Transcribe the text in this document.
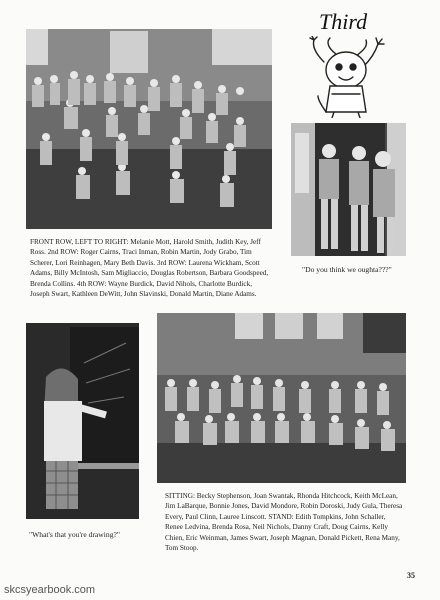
Third
FRONT ROW, LEFT TO RIGHT: Melanie Mott, Harold Smith, Judith Key, Jeff Ross. 2nd ROW: Roger Cairns, Traci Inman, Robin Martin, Jody Grabo, Tim Scherer, Lori Reinhagen, Mary Beth Davis. 3rd ROW: Laurena Wickham, Scott Adams, Billy McIntosh, Sam Migliaccio, Douglas Robertson, Barbara Goodspeed, Brenda Collins. 4th ROW: Wayne Burdick, David Nihols, Charlotte Burdick, Joseph Swart, Kathleen DeWitt, John Slavinski, Donald Martin, Diane Adams.
"Do you think we oughta???"
"What's that you're drawing?"
SITTING: Becky Stephenson, Joan Swantak, Rhonda Hitchcock, Keith McLean, Jim LaBarque, Bonnie Jones, David Mondore, Robin Doroski, Judy Gula, Theresa Every, Paul Clinn, Lauree Linscott. STAND: Edith Tompkins, John Schaller, Renee Ledvina, Brenda Rosa, Neil Nichols, Danny Craft, Doug Cairns, Kelly Chien, Eric Weinman, James Swart, Joseph Magnan, Donald Pickett, Rena Many, Tom Stoop.
35
skcsyearbook.com
